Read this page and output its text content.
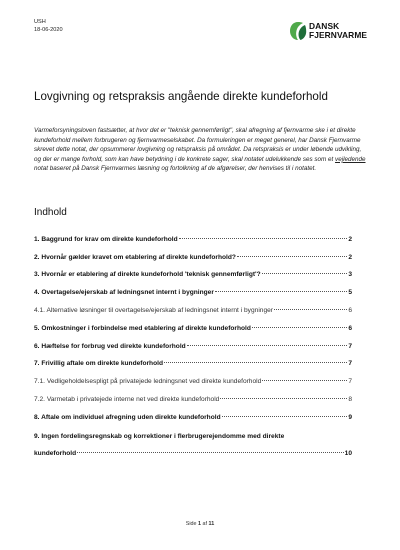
USH
18-06-2020	DANSK
FJERNVARME
Lovgivning og retspraksis angående direkte kundeforhold
Varmeforsyningsloven fastsætter, at hvor det er "teknisk gennemførligt", skal afregning af fjernvarme ske i et direkte kundeforhold mellem forbrugeren og fjernvarmeselskabet. Da formuleringen er meget generel, har Dansk Fjernvarme skrevet dette notat, der opsummerer lovgivning og retspraksis på området. Da retspraksis er under løbende udvikling, og der er mange forhold, som kan have betydning i de konkrete sager, skal notatet udelukkende ses som et vejledende notat baseret på Dansk Fjernvarmes læsning og fortolkning af de afgørelser, der henvises til i notatet.
Indhold
1. Baggrund for krav om direkte kundeforhold	2
2. Hvornår gælder kravet om etablering af direkte kundeforhold?	2
3. Hvornår er etablering af direkte kundeforhold 'teknisk gennemførligt'?	3
4. Overtagelse/ejerskab af ledningsnet internt i bygninger	5
4.1. Alternative løsninger til overtagelse/ejerskab af ledningsnet internt i bygninger	6
5. Omkostninger i forbindelse med etablering af direkte kundeforhold	6
6. Hæftelse for forbrug ved direkte kundeforhold	7
7. Frivillig aftale om direkte kundeforhold	7
7.1. Vedligeholdelsespligt på privatejede ledningsnet ved direkte kundeforhold	7
7.2. Varmetab i privatejede interne net ved direkte kundeforhold	8
8. Aftale om individuel afregning uden direkte kundeforhold	9
9. Ingen fordelingsregnskab og korrektioner i flerbrugerejendomme med direkte
kundeforhold	10
Side 1 af 11
